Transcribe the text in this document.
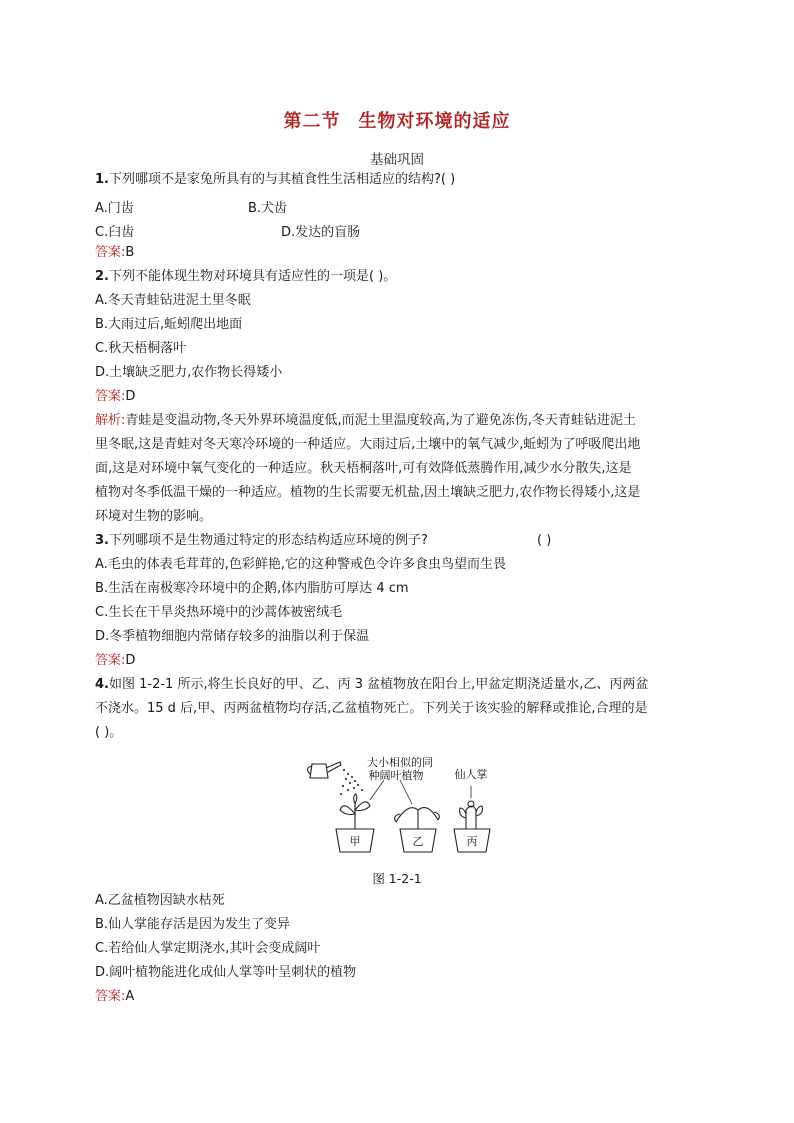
第二节 生物对环境的适应
基础巩固
1.下列哪项不是家兔所具有的与其植食性生活相适应的结构?( )
A.门齿	B.犬齿
C.臼齿	D.发达的盲肠
答案:B
2.下列不能体现生物对环境具有适应性的一项是( )。
A.冬天青蛙钻进泥土里冬眠
B.大雨过后,蚯蚓爬出地面
C.秋天梧桐落叶
D.土壤缺乏肥力,农作物长得矮小
答案:D
解析:青蛙是变温动物,冬天外界环境温度低,而泥土里温度较高,为了避免冻伤,冬天青蛙钻进泥土
里冬眠,这是青蛙对冬天寒冷环境的一种适应。大雨过后,土壤中的氧气减少,蚯蚓为了呼吸爬出地
面,这是对环境中氧气变化的一种适应。秋天梧桐落叶,可有效降低蒸腾作用,减少水分散失,这是
植物对冬季低温干燥的一种适应。植物的生长需要无机盐,因土壤缺乏肥力,农作物长得矮小,这是
环境对生物的影响。
3.下列哪项不是生物通过特定的形态结构适应环境的例子?	( )
A.毛虫的体表毛茸茸的,色彩鲜艳,它的这种警戒色令许多食虫鸟望而生畏
B.生活在南极寒冷环境中的企鹅,体内脂肪可厚达 4 cm
C.生长在干旱炎热环境中的沙蒿体被密绒毛
D.冬季植物细胞内常储存较多的油脂以利于保温
答案:D
4.如图 1-2-1 所示,将生长良好的甲、乙、丙 3 盆植物放在阳台上,甲盆定期浇适量水,乙、丙两盆
不浇水。15 d 后,甲、丙两盆植物均存活,乙盆植物死亡。下列关于该实验的解释或推论,合理的是
( )。
大小相似的同
种阔叶植物	仙人掌
甲	乙	丙
图 1-2-1
A.乙盆植物因缺水枯死
B.仙人掌能存活是因为发生了变异
C.若给仙人掌定期浇水,其叶会变成阔叶
D.阔叶植物能进化成仙人掌等叶呈刺状的植物
答案:A
